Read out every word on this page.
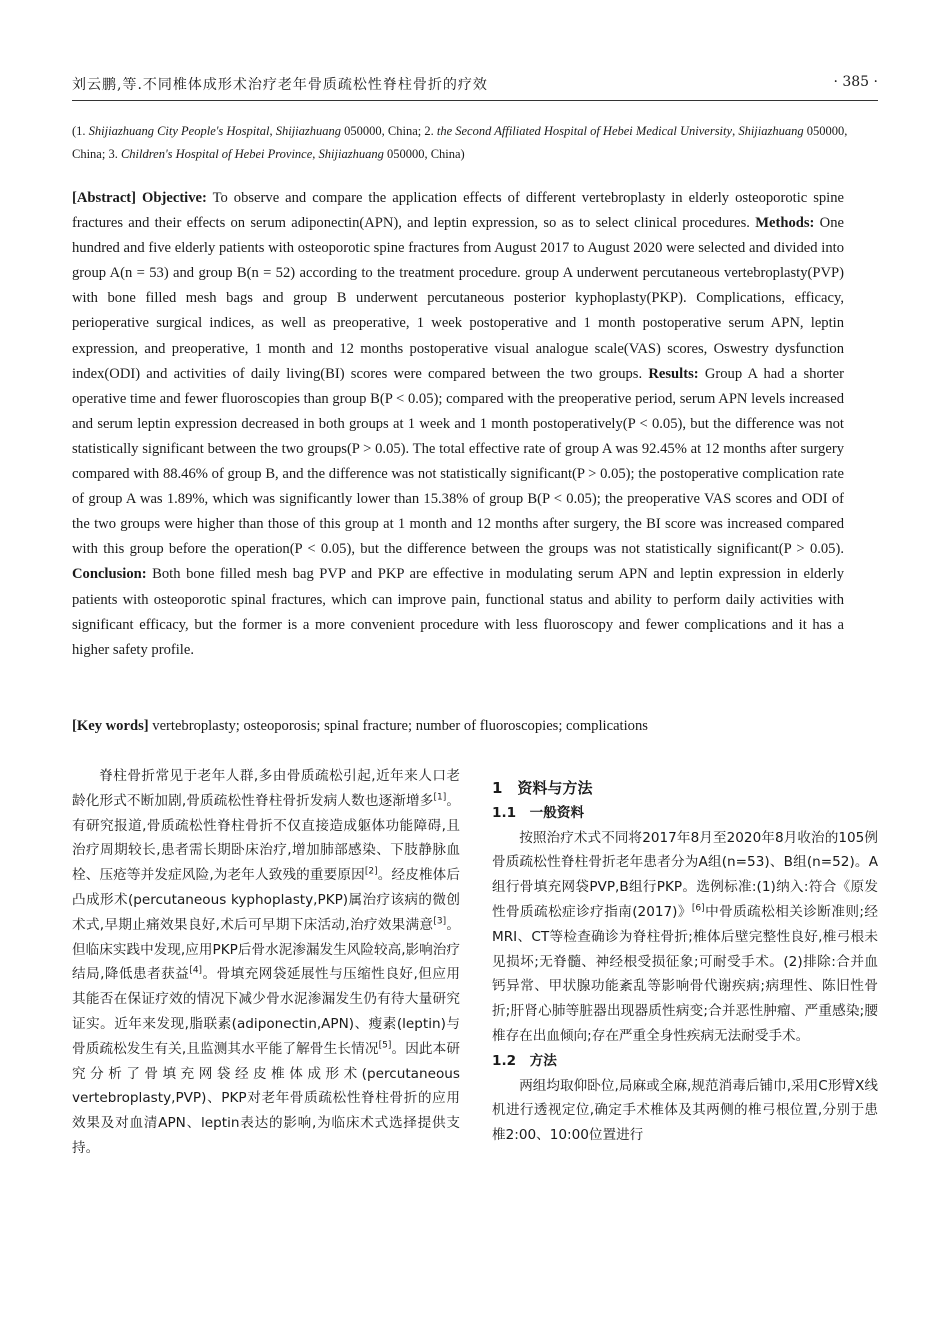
刘云鹏,等.不同椎体成形术治疗老年骨质疏松性脊柱骨折的疗效	· 385 ·
(1. Shijiazhuang City People's Hospital, Shijiazhuang 050000, China; 2. the Second Affiliated Hospital of Hebei Medical University, Shijiazhuang 050000, China; 3. Children's Hospital of Hebei Province, Shijiazhuang 050000, China)
[Abstract] Objective: To observe and compare the application effects of different vertebroplasty in elderly osteoporotic spine fractures and their effects on serum adiponectin(APN), and leptin expression, so as to select clinical procedures. Methods: One hundred and five elderly patients with osteoporotic spine fractures from August 2017 to August 2020 were selected and divided into group A(n = 53) and group B(n = 52) according to the treatment procedure. group A underwent percutaneous vertebroplasty(PVP) with bone filled mesh bags and group B underwent percutaneous posterior kyphoplasty(PKP). Complications, efficacy, perioperative surgical indices, as well as preoperative, 1 week postoperative and 1 month postoperative serum APN, leptin expression, and preoperative, 1 month and 12 months postoperative visual analogue scale(VAS) scores, Oswestry dysfunction index(ODI) and activities of daily living(BI) scores were compared between the two groups. Results: Group A had a shorter operative time and fewer fluoroscopies than group B(P < 0.05); compared with the preoperative period, serum APN levels increased and serum leptin expression decreased in both groups at 1 week and 1 month postoperatively(P < 0.05), but the difference was not statistically significant between the two groups(P > 0.05). The total effective rate of group A was 92.45% at 12 months after surgery compared with 88.46% of group B, and the difference was not statistically significant(P > 0.05); the postoperative complication rate of group A was 1.89%, which was significantly lower than 15.38% of group B(P < 0.05); the preoperative VAS scores and ODI of the two groups were higher than those of this group at 1 month and 12 months after surgery, the BI score was increased compared with this group before the operation(P < 0.05), but the difference between the groups was not statistically significant(P > 0.05). Conclusion: Both bone filled mesh bag PVP and PKP are effective in modulating serum APN and leptin expression in elderly patients with osteoporotic spinal fractures, which can improve pain, functional status and ability to perform daily activities with significant efficacy, but the former is a more convenient procedure with less fluoroscopy and fewer complications and it has a higher safety profile.
[Key words] vertebroplasty; osteoporosis; spinal fracture; number of fluoroscopies; complications

脊柱骨折常见于老年人群,多由骨质疏松引起,近年来人口老龄化形式不断加剧,骨质疏松性脊柱骨折发病人数也逐渐增多[1]。有研究报道,骨质疏松性脊柱骨折不仅直接造成躯体功能障碍,且治疗周期较长,患者需长期卧床治疗,增加肺部感染、下肢静脉血栓、压疮等并发症风险,为老年人致残的重要原因[2]。经皮椎体后凸成形术(percutaneous kyphoplasty,PKP)属治疗该病的微创术式,早期止痛效果良好,术后可早期下床活动,治疗效果满意[3]。但临床实践中发现,应用PKP后骨水泥渗漏发生风险较高,影响治疗结局,降低患者获益[4]。骨填充网袋延展性与压缩性良好,但应用其能否在保证疗效的情况下减少骨水泥渗漏发生仍有待大量研究证实。近年来发现,脂联素(adiponectin,APN)、瘦素(leptin)与骨质疏松发生有关,且监测其水平能了解骨生长情况[5]。因此本研究分析了骨填充网袋经皮椎体成形术(percutaneous vertebroplasty,PVP)、PKP对老年骨质疏松性脊柱骨折的应用效果及对血清APN、leptin表达的影响,为临床术式选择提供支持。

1　资料与方法

1.1　一般资料

按照治疗术式不同将2017年8月至2020年8月收治的105例骨质疏松性脊柱骨折老年患者分为A组(n=53)、B组(n=52)。A组行骨填充网袋PVP,B组行PKP。选例标准:(1)纳入:符合《原发性骨质疏松症诊疗指南(2017)》[6]中骨质疏松相关诊断准则;经MRI、CT等检查确诊为脊柱骨折;椎体后壁完整性良好,椎弓根未见损坏;无脊髓、神经根受损征象;可耐受手术。(2)排除:合并血钙异常、甲状腺功能紊乱等影响骨代谢疾病;病理性、陈旧性骨折;肝肾心肺等脏器出现器质性病变;合并恶性肿瘤、严重感染;腰椎存在出血倾向;存在严重全身性疾病无法耐受手术。

1.2　方法

两组均取仰卧位,局麻或全麻,规范消毒后铺巾,采用C形臂X线机进行透视定位,确定手术椎体及其两侧的椎弓根位置,分别于患椎2:00、10:00位置进行
